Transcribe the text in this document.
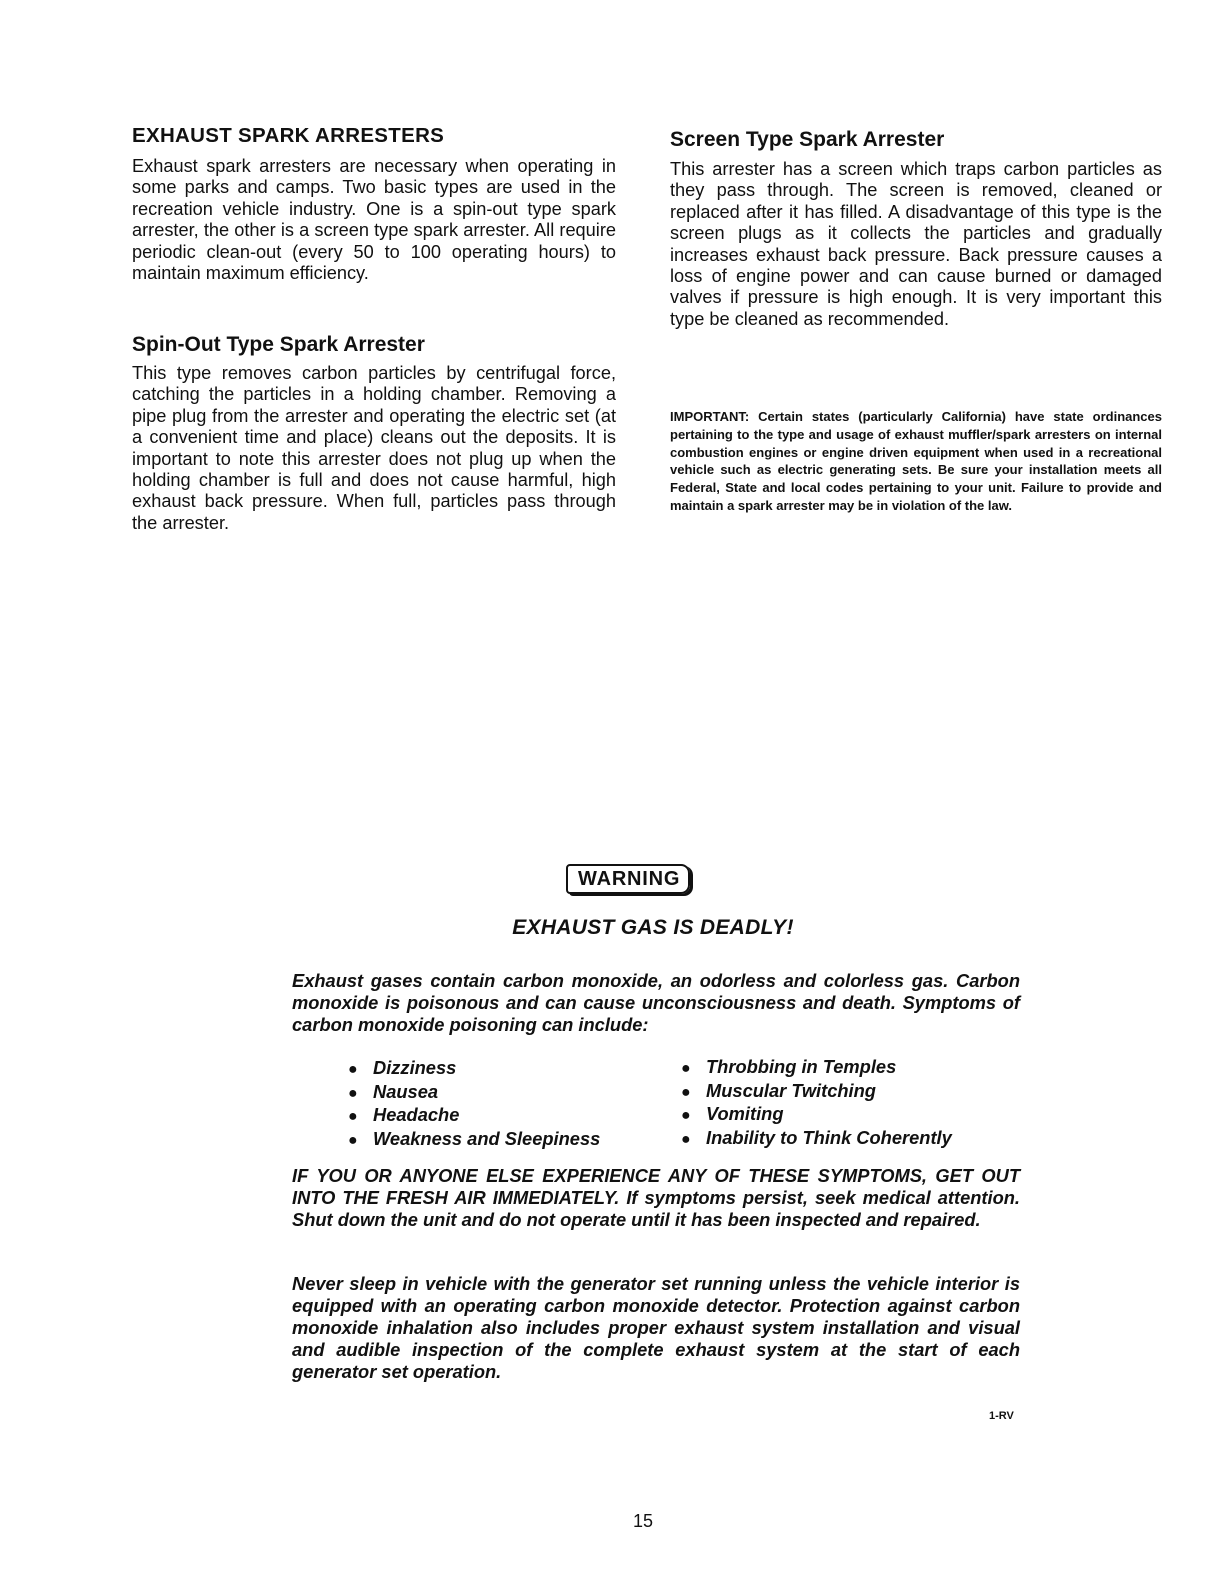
EXHAUST SPARK ARRESTERS

Exhaust spark arresters are necessary when operating in some parks and camps. Two basic types are used in the recreation vehicle industry. One is a spin-out type spark arrester, the other is a screen type spark arrester. All require periodic clean-out (every 50 to 100 operating hours) to maintain maximum efficiency.

Spin-Out Type Spark Arrester

This type removes carbon particles by centrifugal force, catching the particles in a holding chamber. Removing a pipe plug from the arrester and operating the electric set (at a convenient time and place) cleans out the deposits. It is important to note this arrester does not plug up when the holding chamber is full and does not cause harmful, high exhaust back pressure. When full, particles pass through the arrester.

Screen Type Spark Arrester

This arrester has a screen which traps carbon particles as they pass through. The screen is removed, cleaned or replaced after it has filled. A disadvantage of this type is the screen plugs as it collects the particles and gradually increases exhaust back pressure. Back pressure causes a loss of engine power and can cause burned or damaged valves if pressure is high enough. It is very important this type be cleaned as recommended.

IMPORTANT: Certain states (particularly California) have state ordinances pertaining to the type and usage of exhaust muffler/spark arresters on internal combustion engines or engine driven equipment when used in a recreational vehicle such as electric generating sets. Be sure your installation meets all Federal, State and local codes pertaining to your unit. Failure to provide and maintain a spark arrester may be in violation of the law.

WARNING
EXHAUST GAS IS DEADLY!

Exhaust gases contain carbon monoxide, an odorless and colorless gas. Carbon monoxide is poisonous and can cause unconsciousness and death. Symptoms of carbon monoxide poisoning can include:

● Dizziness
● Nausea
● Headache
● Weakness and Sleepiness
● Throbbing in Temples
● Muscular Twitching
● Vomiting
● Inability to Think Coherently

IF YOU OR ANYONE ELSE EXPERIENCE ANY OF THESE SYMPTOMS, GET OUT INTO THE FRESH AIR IMMEDIATELY. If symptoms persist, seek medical attention. Shut down the unit and do not operate until it has been inspected and repaired.

Never sleep in vehicle with the generator set running unless the vehicle interior is equipped with an operating carbon monoxide detector. Protection against carbon monoxide inhalation also includes proper exhaust system installation and visual and audible inspection of the complete exhaust system at the start of each generator set operation.

1-RV
15
